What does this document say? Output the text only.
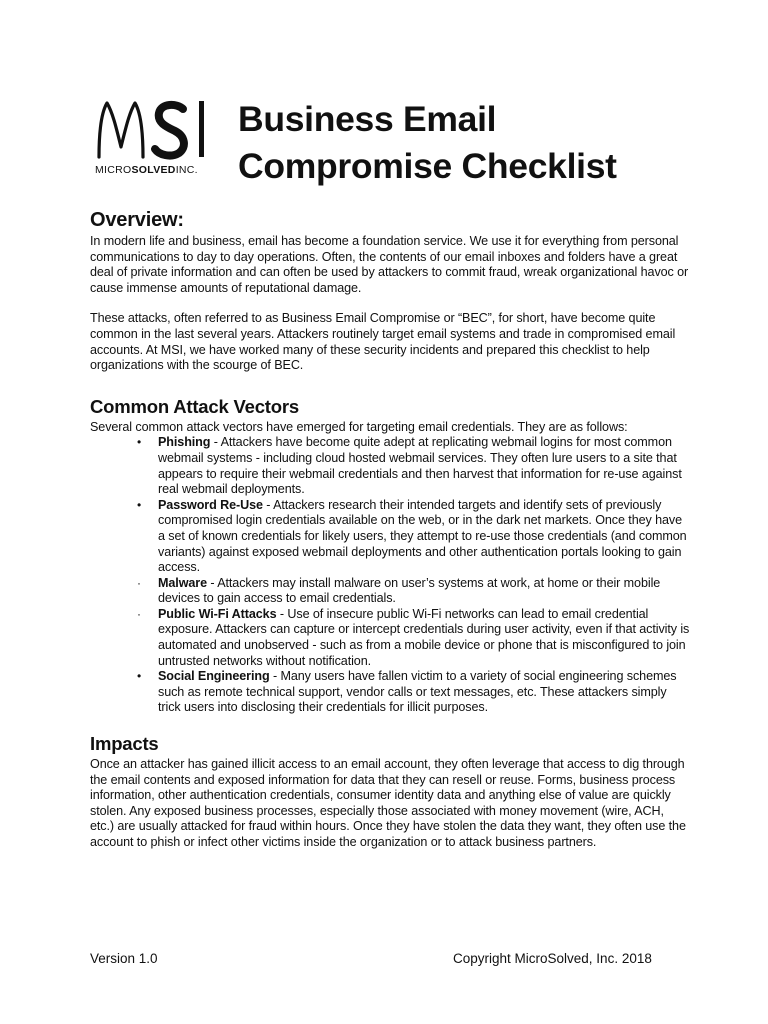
MICROSOLVEDINC.
Business Email
Compromise Checklist
Overview:

In modern life and business, email has become a foundation service. We use it for everything from personal communications to day to day operations. Often, the contents of our email inboxes and folders have a great deal of private information and can often be used by attackers to commit fraud, wreak organizational havoc or cause immense amounts of reputational damage.

These attacks, often referred to as Business Email Compromise or “BEC”, for short, have become quite common in the last several years. Attackers routinely target email systems and trade in compromised email accounts. At MSI, we have worked many of these security incidents and prepared this checklist to help organizations with the scourge of BEC.

Common Attack Vectors

Several common attack vectors have emerged for targeting email credentials. They are as follows:

• Phishing - Attackers have become quite adept at replicating webmail logins for most common webmail systems - including cloud hosted webmail services. They often lure users to a site that appears to require their webmail credentials and then harvest that information for re-use against real webmail deployments.
• Password Re-Use - Attackers research their intended targets and identify sets of previously compromised login credentials available on the web, or in the dark net markets. Once they have a set of known credentials for likely users, they attempt to re-use those credentials (and common variants) against exposed webmail deployments and other authentication portals looking to gain access.
· Malware - Attackers may install malware on user’s systems at work, at home or their mobile devices to gain access to email credentials.
· Public Wi-Fi Attacks - Use of insecure public Wi-Fi networks can lead to email credential exposure. Attackers can capture or intercept credentials during user activity, even if that activity is automated and unobserved - such as from a mobile device or phone that is misconfigured to join untrusted networks without notification.
• Social Engineering - Many users have fallen victim to a variety of social engineering schemes such as remote technical support, vendor calls or text messages, etc. These attackers simply trick users into disclosing their credentials for illicit purposes.
Impacts

Once an attacker has gained illicit access to an email account, they often leverage that access to dig through the email contents and exposed information for data that they can resell or reuse. Forms, business process information, other authentication credentials, consumer identity data and anything else of value are quickly stolen. Any exposed business processes, especially those associated with money movement (wire, ACH, etc.) are usually attacked for fraud within hours. Once they have stolen the data they want, they often use the account to phish or infect other victims inside the organization or to attack business partners.

Version 1.0	Copyright MicroSolved, Inc. 2018
